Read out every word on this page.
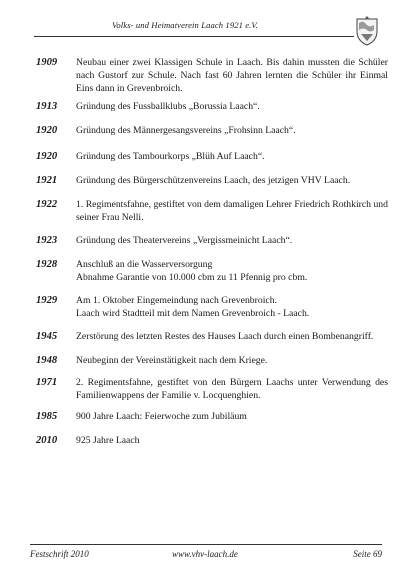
Volks- und Heimatverein Laach 1921 e.V.
1909	Neubau einer zwei Klassigen Schule in Laach. Bis dahin mussten die Schüler nach Gustorf zur Schule. Nach fast 60 Jahren lernten die Schüler ihr Einmal Eins dann in Grevenbroich.
1913	Gründung des Fussballklubs „Borussia Laach“.
1920	Gründung des Männergesangsvereins „Frohsinn Laach“.
1920	Gründung des Tambourkorps „Blüh Auf Laach“.
1921	Gründung des Bürgerschützenvereins Laach, des jetzigen VHV Laach.
1922	1. Regimentsfahne, gestiftet von dem damaligen Lehrer Friedrich Rothkirch und seiner Frau Nelli.
1923	Gründung des Theatervereins „Vergissmeinicht Laach“.
1928	Anschluß an die Wasserversorgung
Abnahme Garantie von 10.000 cbm zu 11 Pfennig pro cbm.
1929	Am 1. Oktober Eingemeindung nach Grevenbroich.
Laach wird Stadtteil mit dem Namen Grevenbroich - Laach.
1945	Zerstörung des letzten Restes des Hauses Laach durch einen Bombenangriff.
1948	Neubeginn der Vereinstätigkeit nach dem Kriege.
1971	2. Regimentsfahne, gestiftet von den Bürgern Laachs unter Verwendung des Familienwappens der Familie v. Locquenghien.
1985	900 Jahre Laach: Feierwoche zum Jubiläum
2010	925 Jahre Laach
Festschrift 2010	www.vhv-laach.de	Seite 69
